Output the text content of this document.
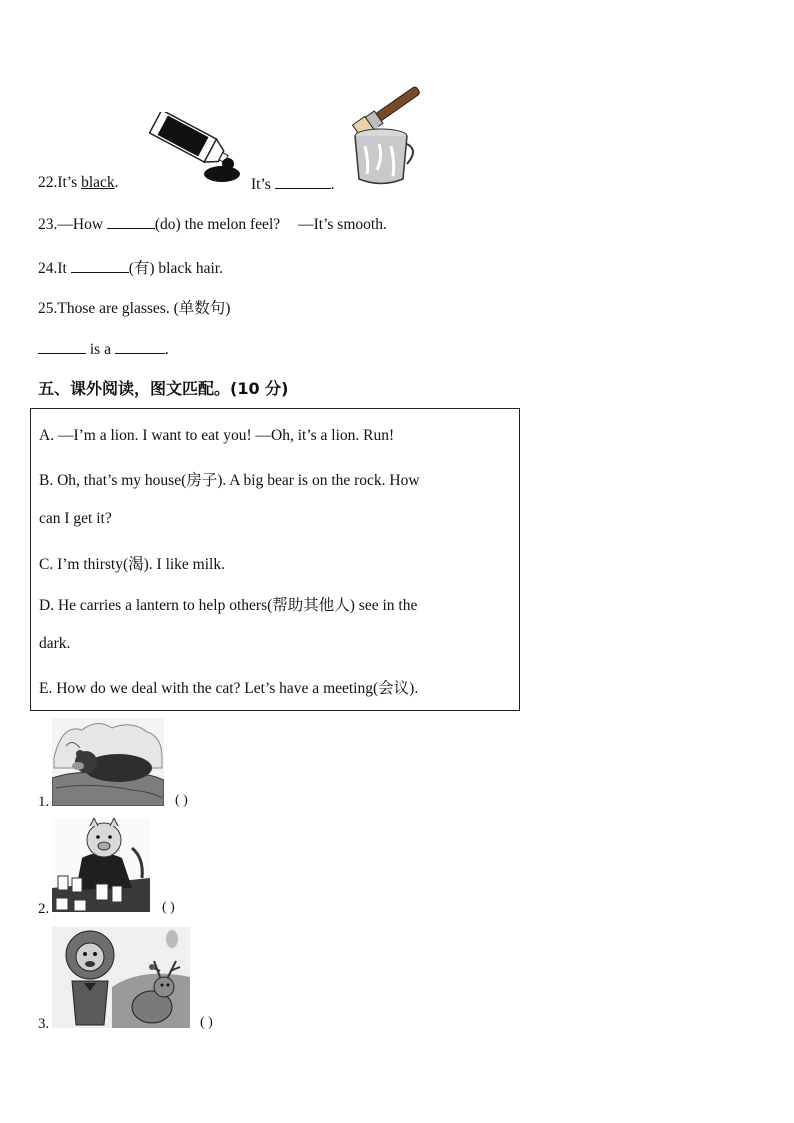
22.It’s black.	It’s	.
23.—How	(do) the melon feel? —It’s smooth.
24.It	(有) black hair.
25.Those are glasses. (单数句)
is a	.
五、课外阅读，图文匹配。(10 分)
A. —I’m a lion. I want to eat you! —Oh, it’s a lion. Run!
B. Oh, that’s my house(房子). A big bear is on the rock. How
can I get it?
C. I’m thirsty(渴). I like milk.
D. He carries a lantern to help others(帮助其他人) see in the
dark.
E. How do we deal with the cat? Let’s have a meeting(会议).
1.	( )
2.	( )
3.	( )
